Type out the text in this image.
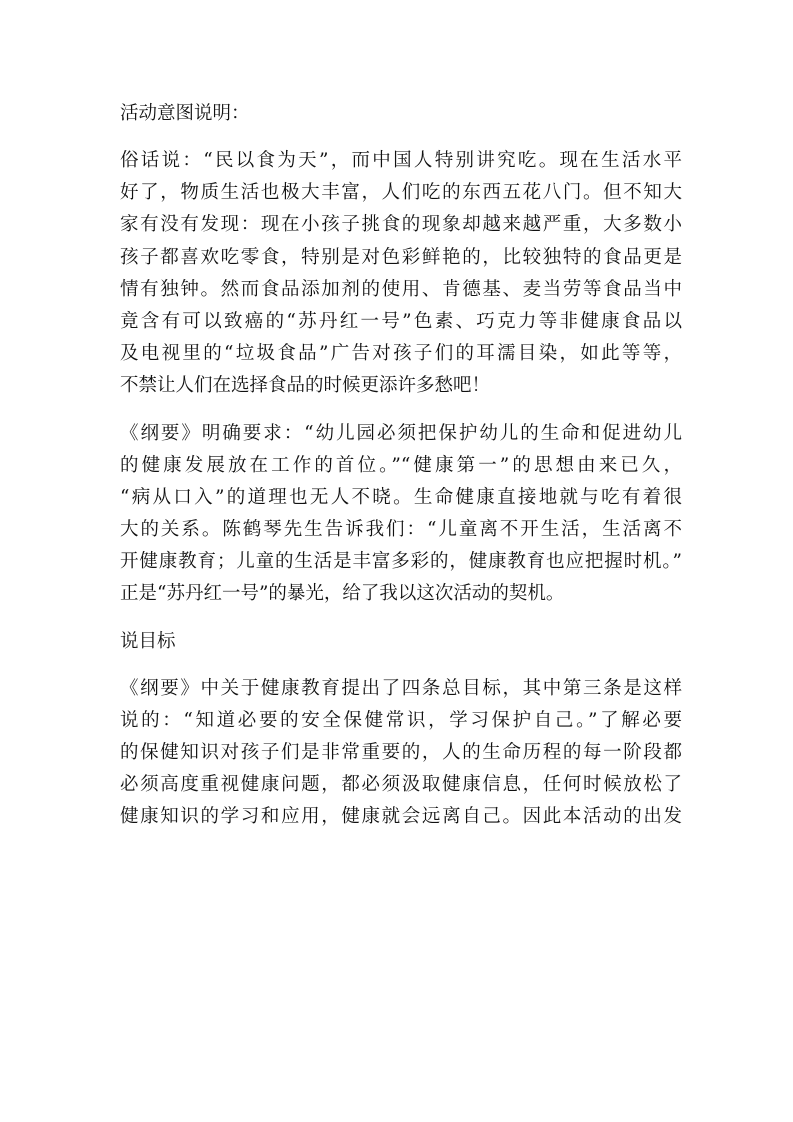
活动意图说明：
俗话说：“民以食为天”，而中国人特别讲究吃。现在生活水平
好了，物质生活也极大丰富，人们吃的东西五花八门。但不知大
家有没有发现：现在小孩子挑食的现象却越来越严重，大多数小
孩子都喜欢吃零食，特别是对色彩鲜艳的，比较独特的食品更是
情有独钟。然而食品添加剂的使用、肯德基、麦当劳等食品当中
竟含有可以致癌的“苏丹红一号”色素、巧克力等非健康食品以
及电视里的“垃圾食品”广告对孩子们的耳濡目染，如此等等，
不禁让人们在选择食品的时候更添许多愁吧！
《纲要》明确要求：“幼儿园必须把保护幼儿的生命和促进幼儿
的健康发展放在工作的首位。”“健康第一”的思想由来已久，
“病从口入”的道理也无人不晓。生命健康直接地就与吃有着很
大的关系。陈鹤琴先生告诉我们：“儿童离不开生活，生活离不
开健康教育；儿童的生活是丰富多彩的，健康教育也应把握时机。”
正是“苏丹红一号”的暴光，给了我以这次活动的契机。
说目标
《纲要》中关于健康教育提出了四条总目标，其中第三条是这样
说的：“知道必要的安全保健常识，学习保护自己。”了解必要
的保健知识对孩子们是非常重要的，人的生命历程的每一阶段都
必须高度重视健康问题，都必须汲取健康信息，任何时候放松了
健康知识的学习和应用，健康就会远离自己。因此本活动的出发
